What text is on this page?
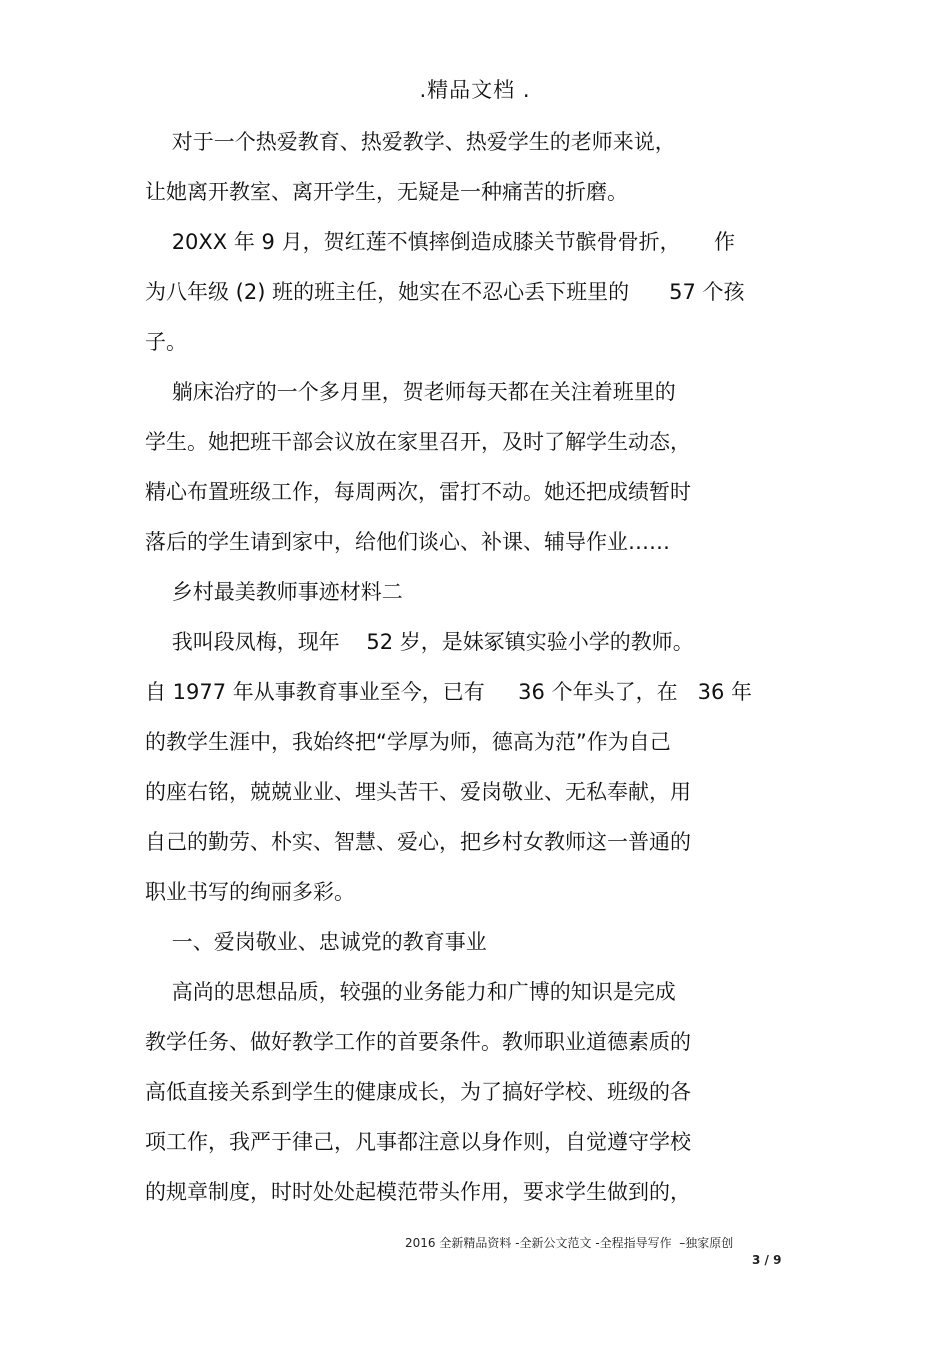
.精品文档 .
对于一个热爱教育、热爱教学、热爱学生的老师来说，
让她离开教室、离开学生，无疑是一种痛苦的折磨。
20XX 年 9 月，贺红莲不慎摔倒造成膝关节髌骨骨折，     作
为八年级 (2) 班的班主任，她实在不忍心丢下班里的      57 个孩
子。
躺床治疗的一个多月里，贺老师每天都在关注着班里的
学生。她把班干部会议放在家里召开，及时了解学生动态，
精心布置班级工作，每周两次，雷打不动。她还把成绩暂时
落后的学生请到家中，给他们谈心、补课、辅导作业……
乡村最美教师事迹材料二
我叫段凤梅，现年    52 岁，是妹冢镇实验小学的教师。
自 1977 年从事教育事业至今，已有     36 个年头了，在   36 年
的教学生涯中，我始终把“学厚为师，德高为范”作为自己
的座右铭，兢兢业业、埋头苦干、爱岗敬业、无私奉献，用
自己的勤劳、朴实、智慧、爱心，把乡村女教师这一普通的
职业书写的绚丽多彩。
一、爱岗敬业、忠诚党的教育事业
高尚的思想品质，较强的业务能力和广博的知识是完成
教学任务、做好教学工作的首要条件。教师职业道德素质的
高低直接关系到学生的健康成长，为了搞好学校、班级的各
项工作，我严于律己，凡事都注意以身作则，自觉遵守学校
的规章制度，时时处处起模范带头作用，要求学生做到的，
2016 全新精品资料 -全新公文范文 -全程指导写作  –独家原创
3 / 9
